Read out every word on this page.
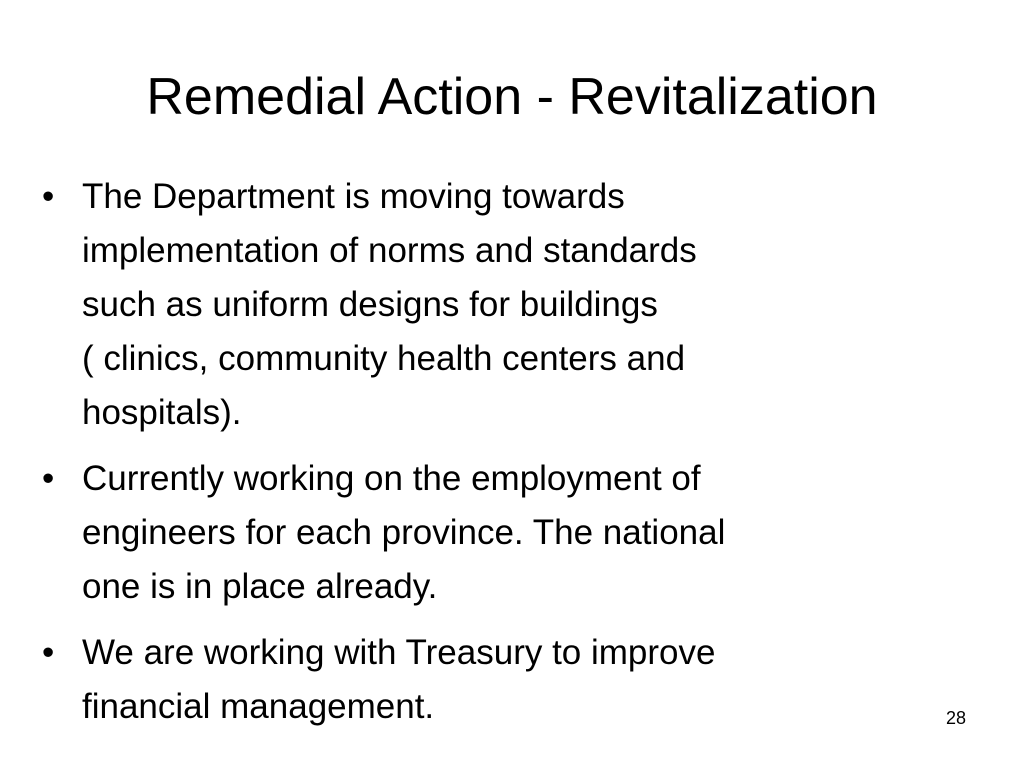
Remedial Action - Revitalization
• The Department is moving towards
implementation of norms and standards
such as uniform designs for buildings
( clinics, community health centers and
hospitals).
• Currently working on the employment of
engineers for each province. The national
one is in place already.
• We are working with Treasury to improve
financial management.	28
